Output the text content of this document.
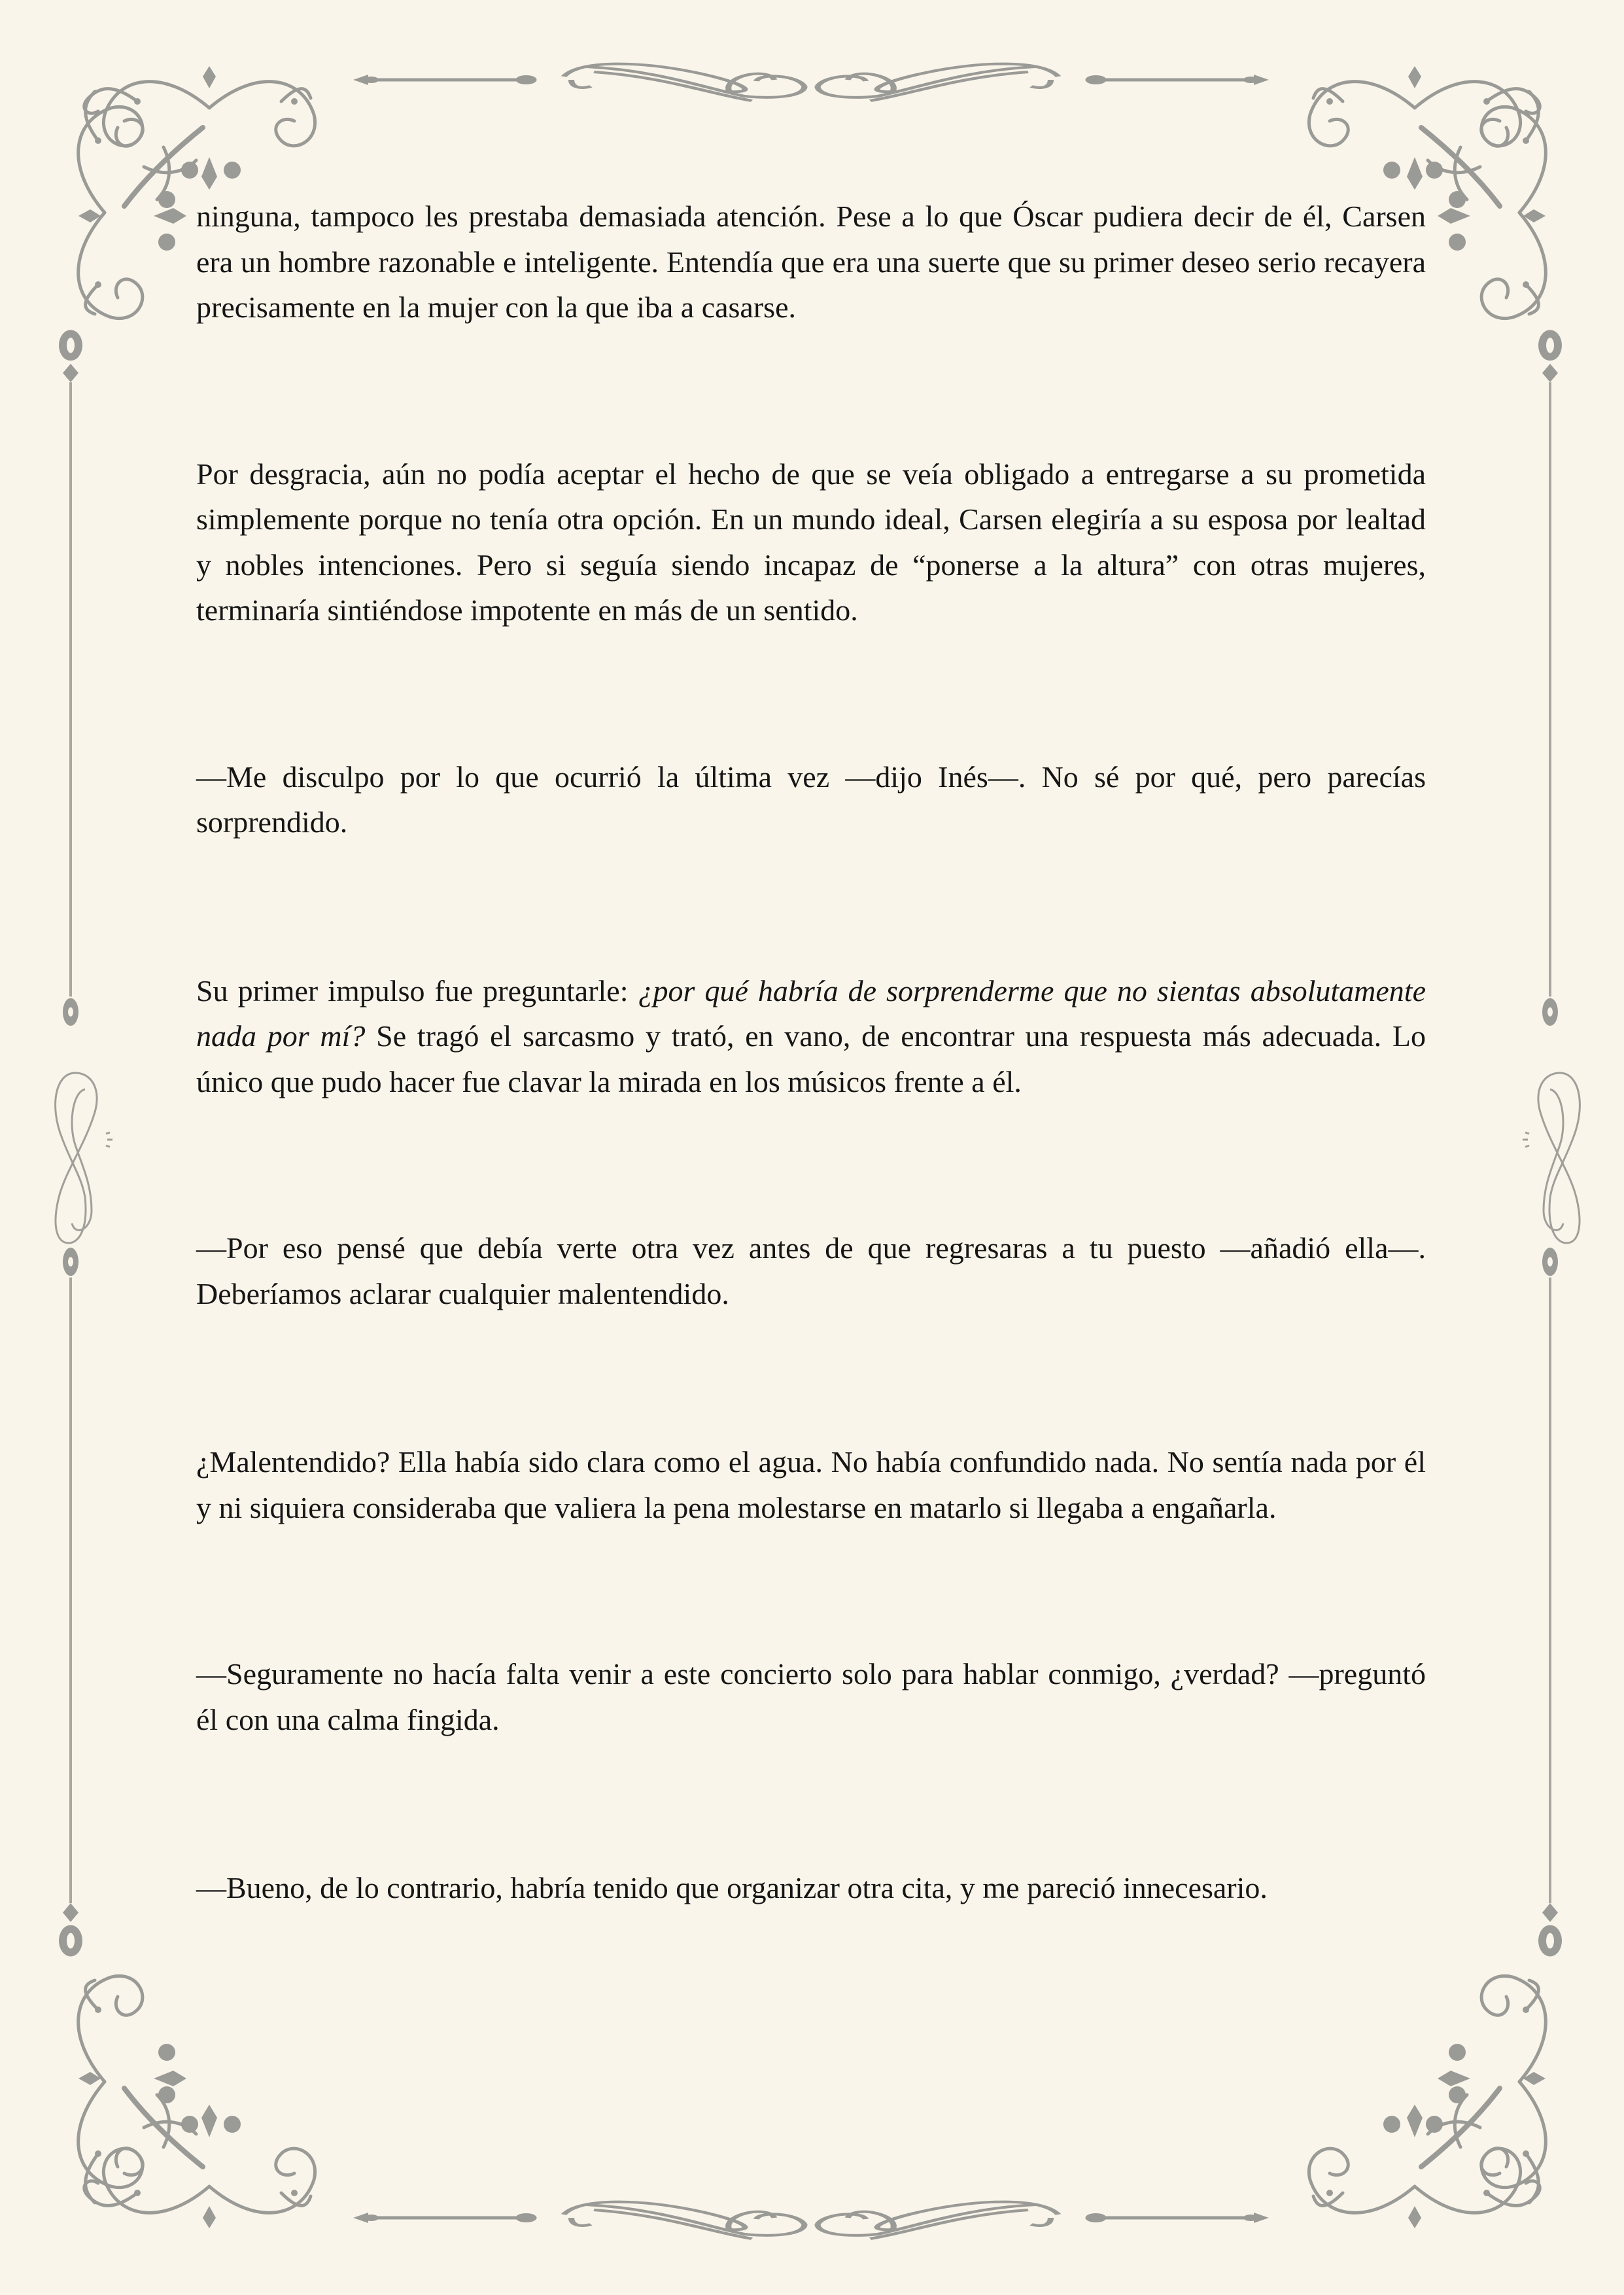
ninguna, tampoco les prestaba demasiada atención. Pese a lo que Óscar pudiera decir de él, Carsen era un hombre razonable e inteligente. Entendía que era una suerte que su primer deseo serio recayera precisamente en la mujer con la que iba a casarse.

Por desgracia, aún no podía aceptar el hecho de que se veía obligado a entregarse a su prometida simplemente porque no tenía otra opción. En un mundo ideal, Carsen elegiría a su esposa por lealtad y nobles intenciones. Pero si seguía siendo incapaz de “ponerse a la altura” con otras mujeres, terminaría sintiéndose impotente en más de un sentido.

—Me disculpo por lo que ocurrió la última vez —dijo Inés—. No sé por qué, pero parecías sorprendido.

Su primer impulso fue preguntarle: ¿por qué habría de sorprenderme que no sientas absolutamente nada por mí? Se tragó el sarcasmo y trató, en vano, de encontrar una respuesta más adecuada. Lo único que pudo hacer fue clavar la mirada en los músicos frente a él.

—Por eso pensé que debía verte otra vez antes de que regresaras a tu puesto —añadió ella—. Deberíamos aclarar cualquier malentendido.

¿Malentendido? Ella había sido clara como el agua. No había confundido nada. No sentía nada por él y ni siquiera consideraba que valiera la pena molestarse en matarlo si llegaba a engañarla.

—Seguramente no hacía falta venir a este concierto solo para hablar conmigo, ¿verdad? —preguntó él con una calma fingida.

—Bueno, de lo contrario, habría tenido que organizar otra cita, y me pareció innecesario.
